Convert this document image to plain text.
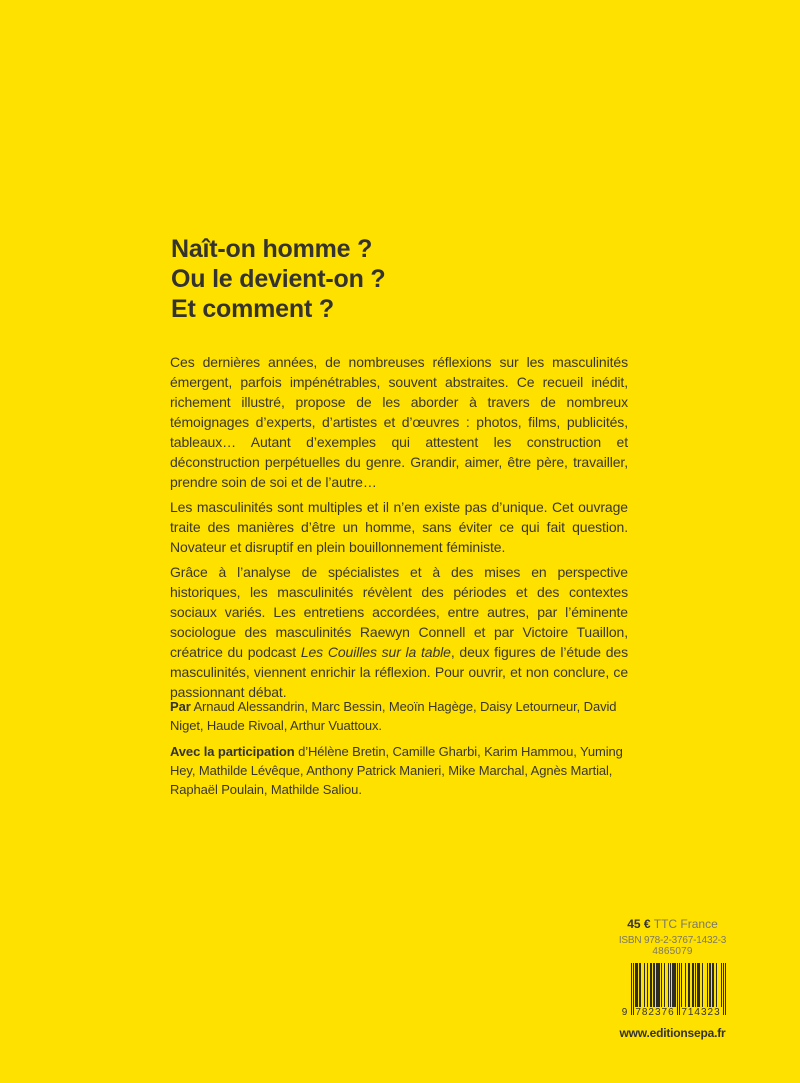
Naît-on homme ?
Ou le devient-on ?
Et comment ?

Ces dernières années, de nombreuses réflexions sur les masculinités émergent, parfois impénétrables, souvent abstraites. Ce recueil inédit, richement illustré, propose de les aborder à travers de nombreux témoignages d’experts, d’artistes et d’œuvres : photos, films, publicités, tableaux… Autant d’exemples qui attestent les construction et déconstruction perpétuelles du genre. Grandir, aimer, être père, travailler, prendre soin de soi et de l’autre…

Les masculinités sont multiples et il n’en existe pas d’unique. Cet ouvrage traite des manières d’être un homme, sans éviter ce qui fait question. Novateur et disruptif en plein bouillonnement féministe.

Grâce à l’analyse de spécialistes et à des mises en perspective historiques, les masculinités révèlent des périodes et des contextes sociaux variés. Les entretiens accordées, entre autres, par l’éminente sociologue des masculinités Raewyn Connell et par Victoire Tuaillon, créatrice du podcast Les Couilles sur la table, deux figures de l’étude des masculinités, viennent enrichir la réflexion. Pour ouvrir, et non conclure, ce passionnant débat.

Par Arnaud Alessandrin, Marc Bessin, Meoïn Hagège, Daisy Letourneur, David Niget, Haude Rivoal, Arthur Vuattoux.

Avec la participation d’Hélène Bretin, Camille Gharbi, Karim Hammou, Yuming Hey, Mathilde Lévêque, Anthony Patrick Manieri, Mike Marchal, Agnès Martial, Raphaël Poulain, Mathilde Saliou.

45 € TTC France
ISBN 978-2-3767-1432-3
4865079
9 782376 714323
www.editionsepa.fr
